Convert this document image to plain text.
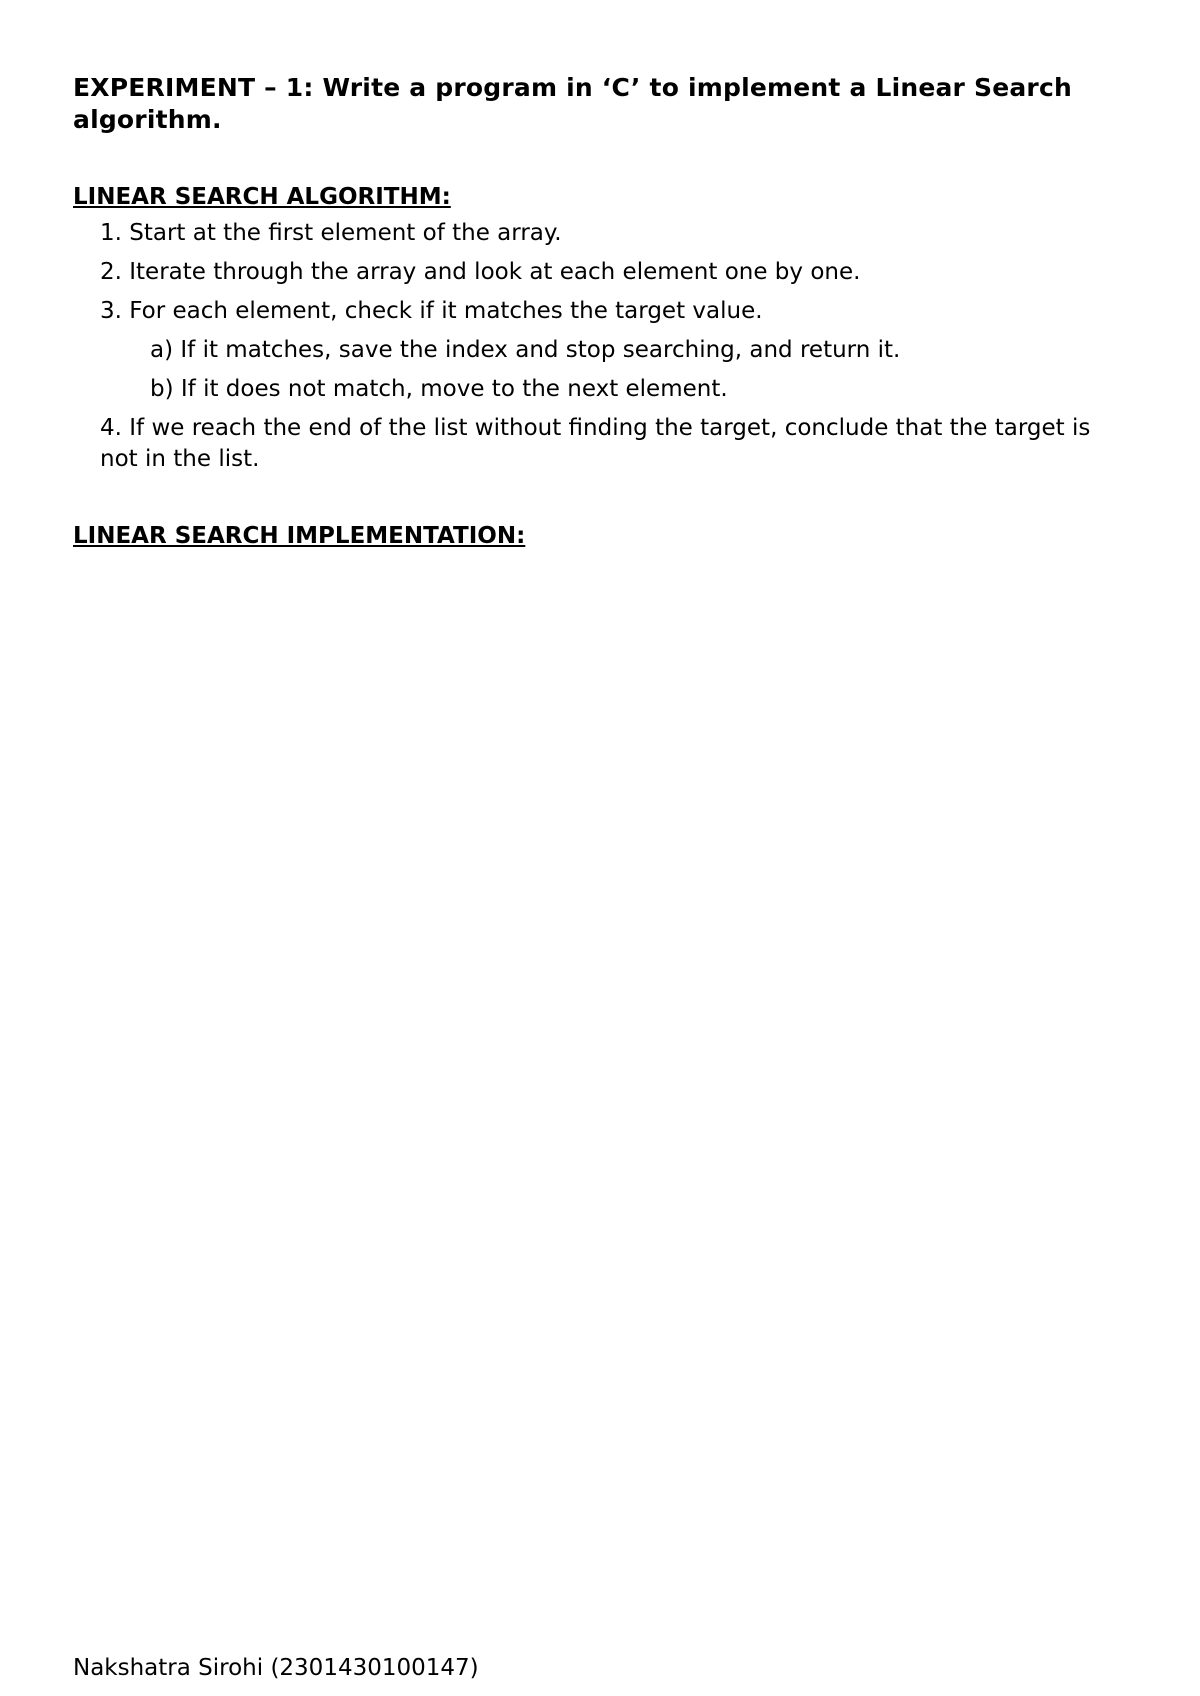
EXPERIMENT – 1: Write a program in ‘C’ to implement a Linear Search algorithm.
LINEAR SEARCH ALGORITHM:
1. Start at the first element of the array.
2. Iterate through the array and look at each element one by one.
3. For each element, check if it matches the target value.
a) If it matches, save the index and stop searching, and return it.
b) If it does not match, move to the next element.
4. If we reach the end of the list without finding the target, conclude that the target is not in the list.
LINEAR SEARCH IMPLEMENTATION:
Nakshatra Sirohi (2301430100147)
